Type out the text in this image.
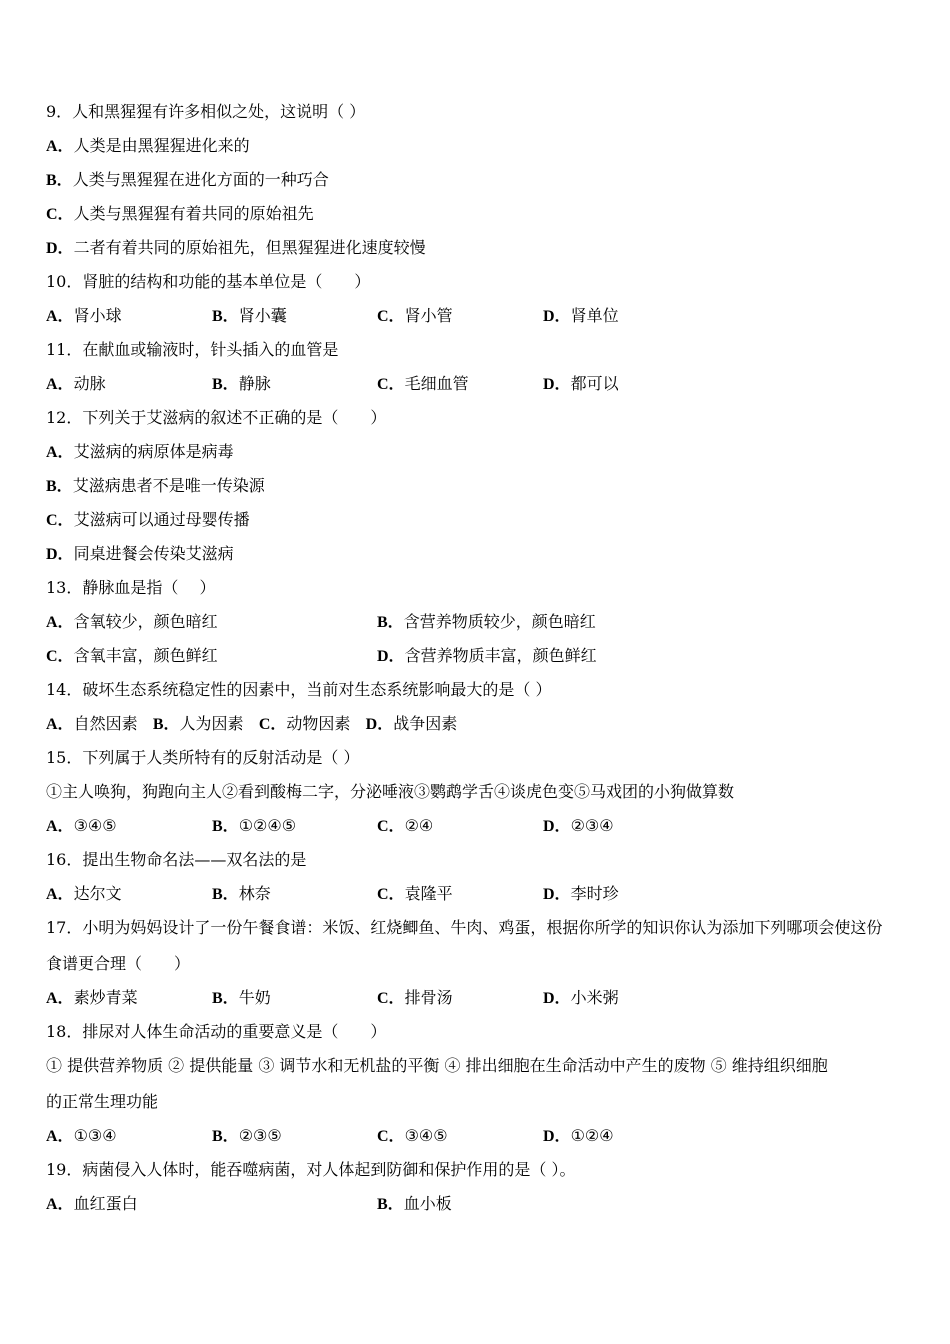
9．人和黑猩猩有许多相似之处，这说明（ ）
A．人类是由黑猩猩进化来的
B．人类与黑猩猩在进化方面的一种巧合
C．人类与黑猩猩有着共同的原始祖先
D．二者有着共同的原始祖先，但黑猩猩进化速度较慢
10．肾脏的结构和功能的基本单位是（　　）
A．肾小球	B．肾小囊	C．肾小管	D．肾单位
11．在献血或输液时，针头插入的血管是
A．动脉	B．静脉	C．毛细血管	D．都可以
12．下列关于艾滋病的叙述不正确的是（　　）
A．艾滋病的病原体是病毒
B．艾滋病患者不是唯一传染源
C．艾滋病可以通过母婴传播
D．同桌进餐会传染艾滋病
13．静脉血是指（　 ）
A．含氧较少，颜色暗红	B．含营养物质较少，颜色暗红
C．含氧丰富，颜色鲜红	D．含营养物质丰富，颜色鲜红
14．破坏生态系统稳定性的因素中，当前对生态系统影响最大的是（ ）
A．自然因素 B．人为因素 C．动物因素 D．战争因素
15．下列属于人类所特有的反射活动是（ ）
①主人唤狗，狗跑向主人②看到酸梅二字，分泌唾液③鹦鹉学舌④谈虎色变⑤马戏团的小狗做算数
A．③④⑤	B．①②④⑤	C．②④	D．②③④
16．提出生物命名法——双名法的是
A．达尔文	B．林奈	C．袁隆平	D．李时珍
17．小明为妈妈设计了一份午餐食谱：米饭、红烧鲫鱼、牛肉、鸡蛋，根据你所学的知识你认为添加下列哪项会使这份
食谱更合理（　　）
A．素炒青菜	B．牛奶	C．排骨汤	D．小米粥
18．排尿对人体生命活动的重要意义是（　　）
① 提供营养物质 ② 提供能量 ③ 调节水和无机盐的平衡 ④ 排出细胞在生命活动中产生的废物 ⑤ 维持组织细胞
的正常生理功能
A．①③④	B．②③⑤	C．③④⑤	D．①②④
19．病菌侵入人体时，能吞噬病菌，对人体起到防御和保护作用的是（ ）。
A．血红蛋白	B．血小板
